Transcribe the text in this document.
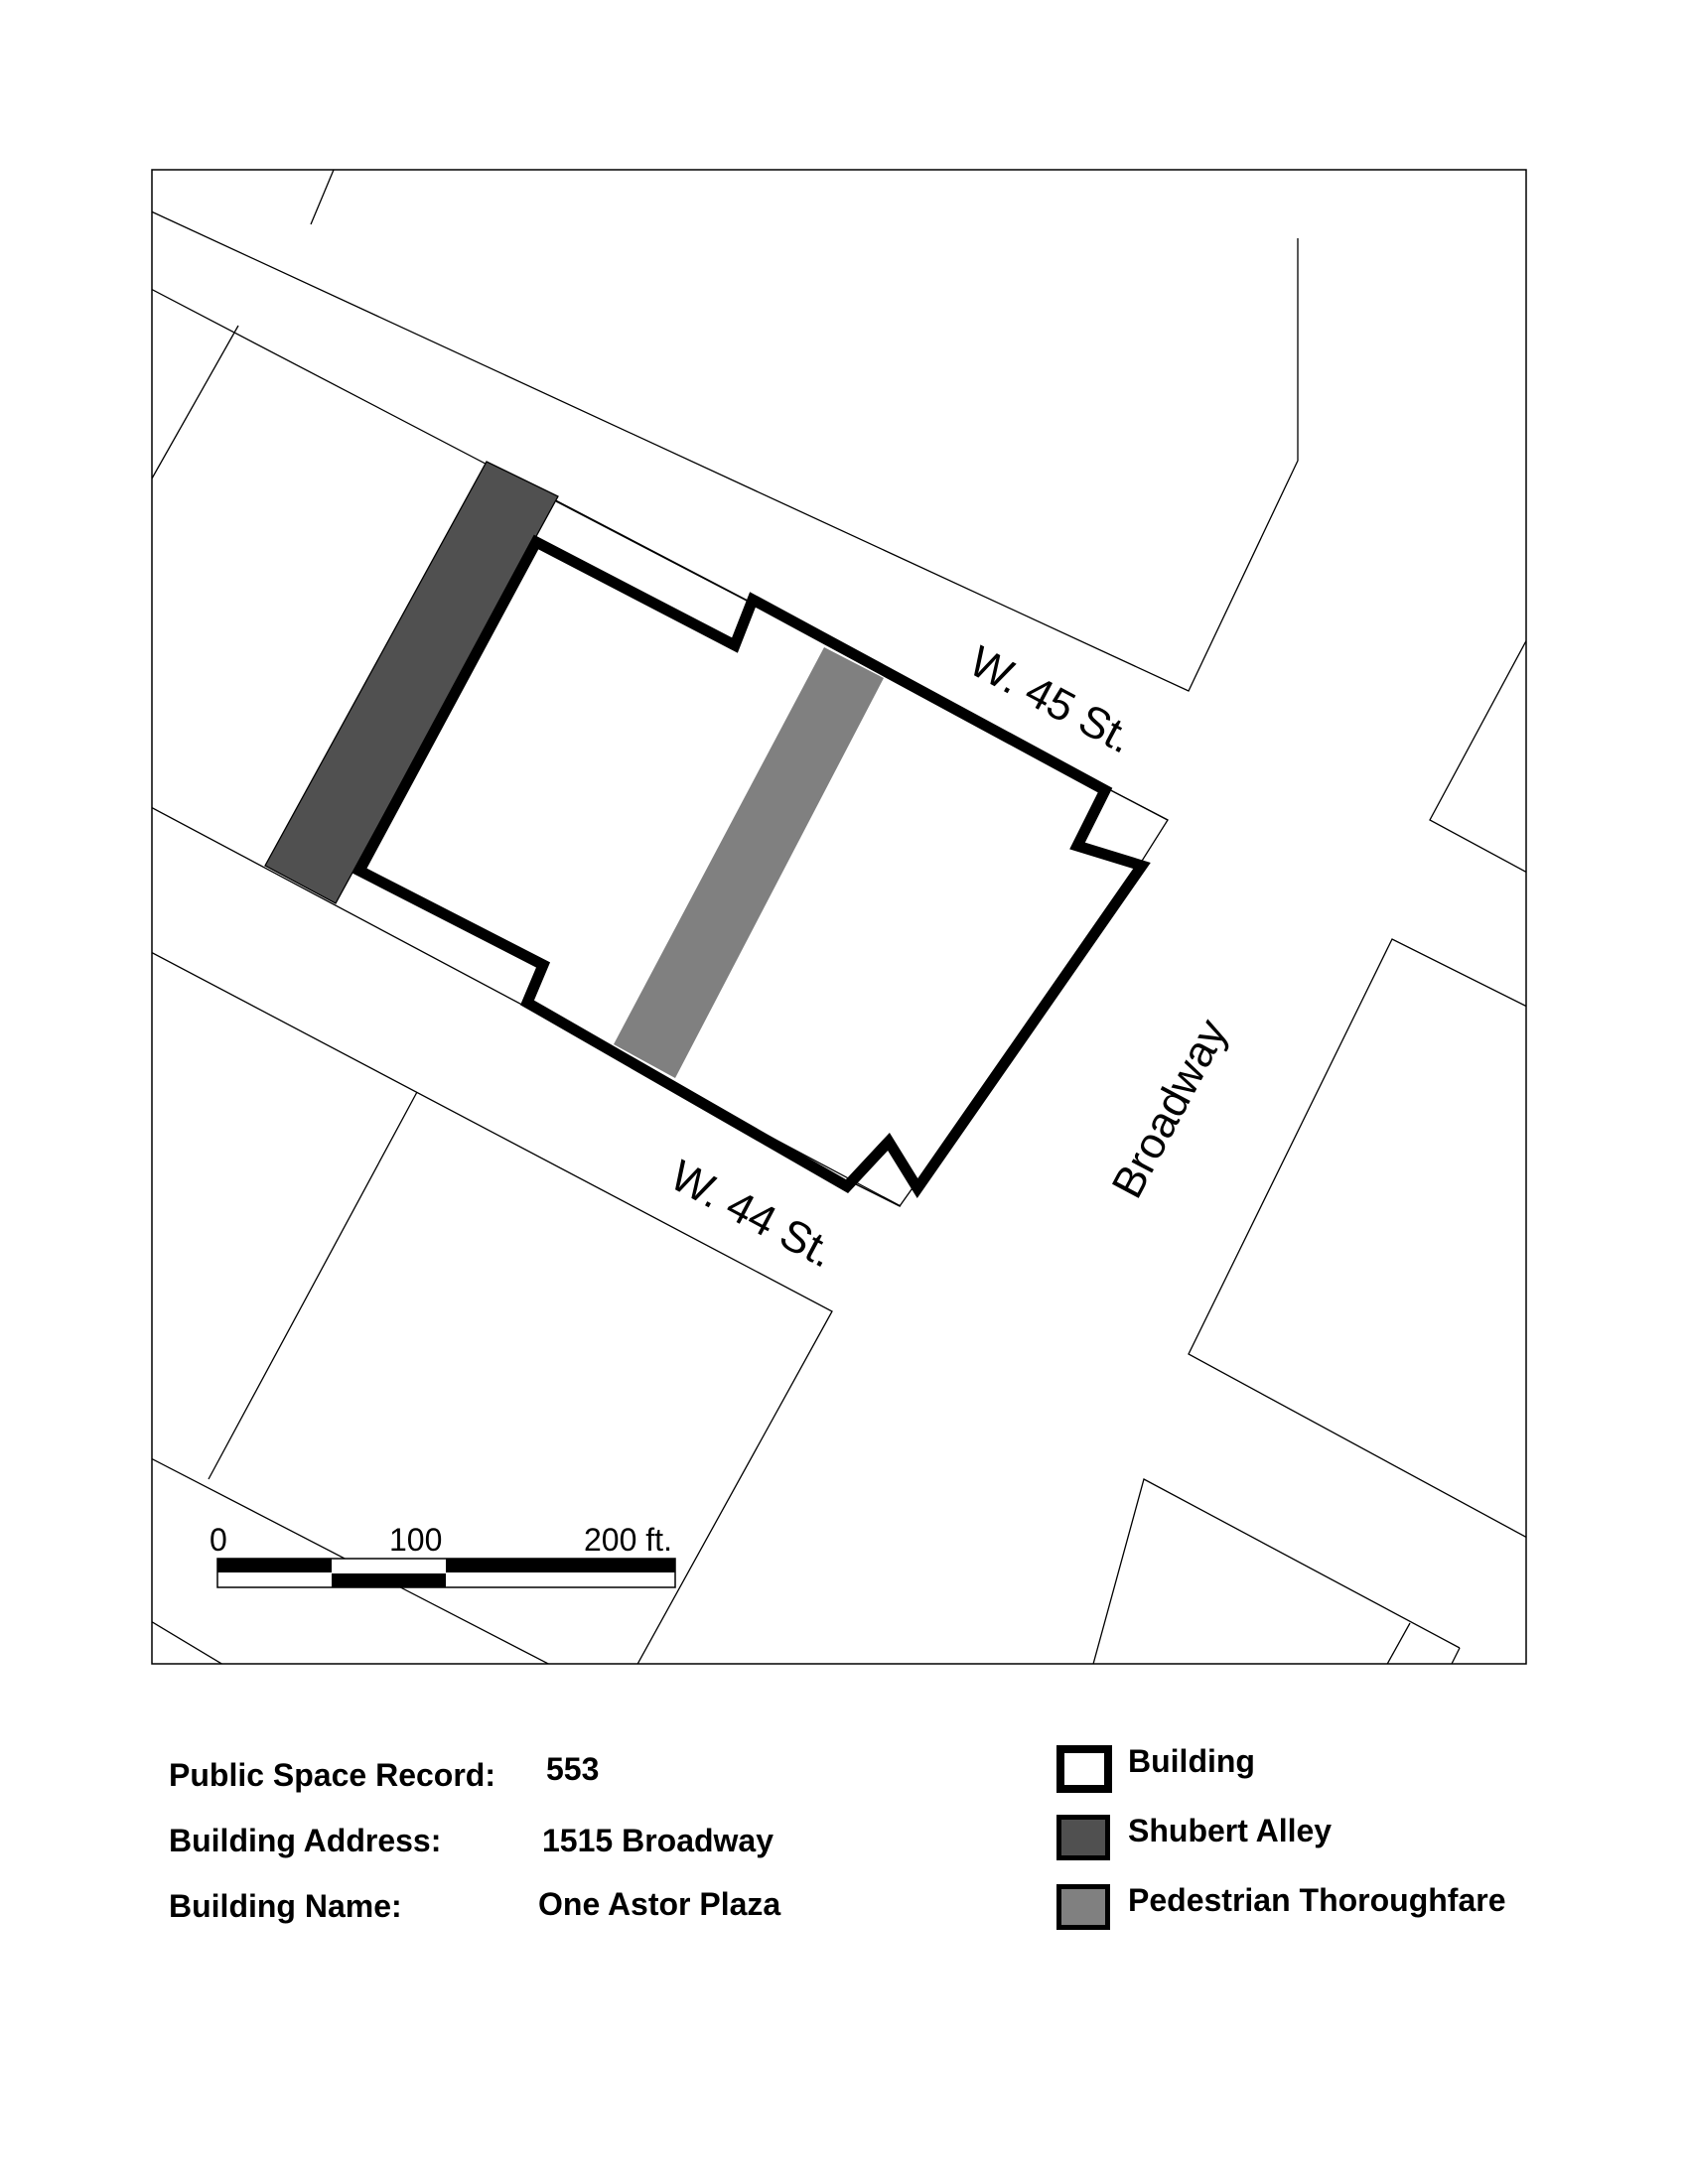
W. 45 St.
W. 44 St.
Broadway
0	100	200 ft.
Public Space Record: 553
Building Address:	1515 Broadway
Building Name:	One Astor Plaza
Building
Shubert Alley
Pedestrian Thoroughfare
